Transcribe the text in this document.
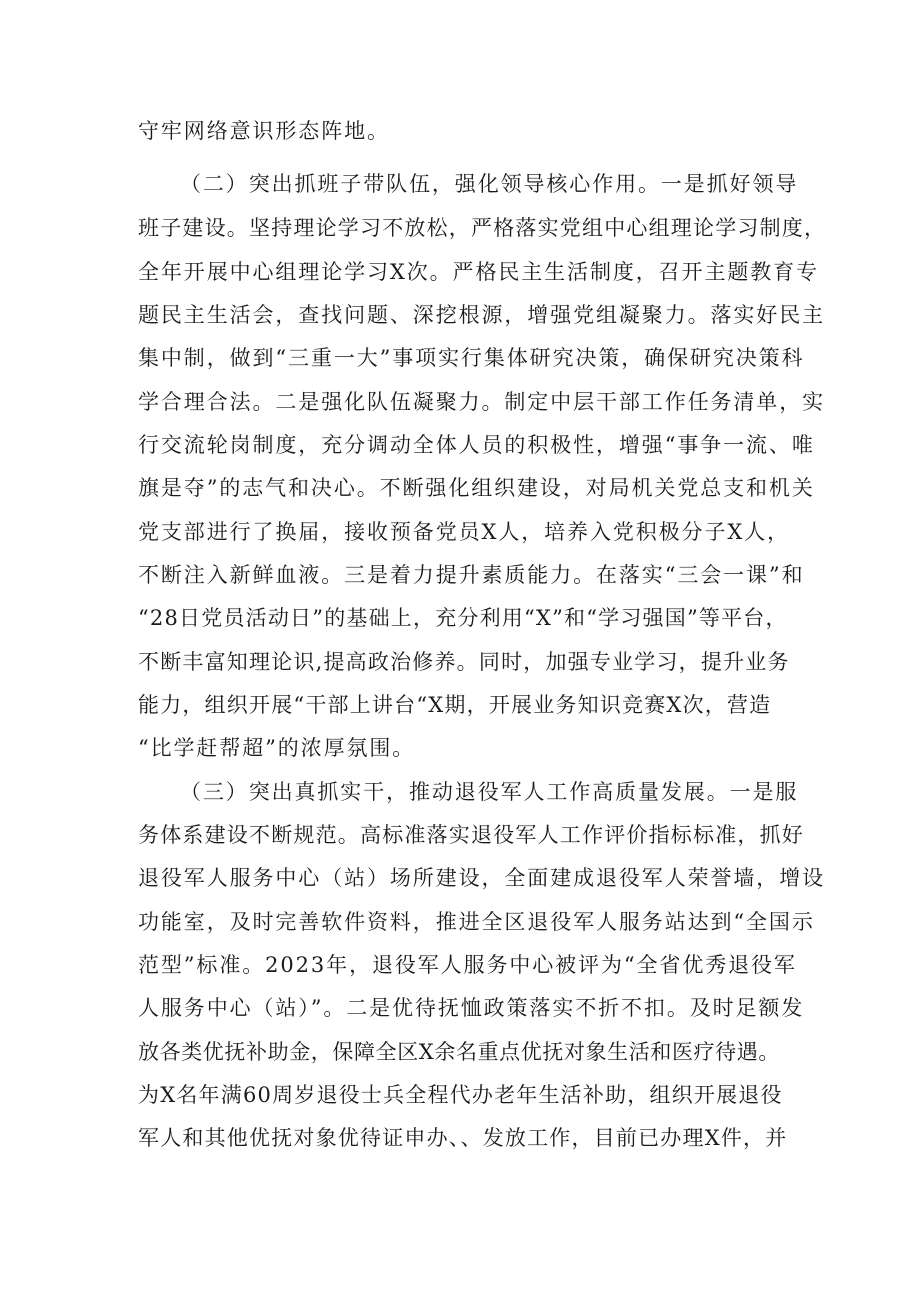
守牢网络意识形态阵地。

（二）突出抓班子带队伍，强化领导核心作用。一是抓好领导

班子建设。坚持理论学习不放松，严格落实党组中心组理论学习制度，

全年开展中心组理论学习X次。严格民主生活制度，召开主题教育专

题民主生活会，查找问题、深挖根源，增强党组凝聚力。落实好民主

集中制，做到“三重一大”事项实行集体研究决策，确保研究决策科

学合理合法。二是强化队伍凝聚力。制定中层干部工作任务清单，实

行交流轮岗制度，充分调动全体人员的积极性，增强“事争一流、唯

旗是夺”的志气和决心。不断强化组织建设，对局机关党总支和机关

党支部进行了换届，接收预备党员X人，培养入党积极分子X人，

不断注入新鲜血液。三是着力提升素质能力。在落实“三会一课”和

“28日党员活动日”的基础上，充分利用“X”和“学习强国”等平台，

不断丰富知理论识,提高政治修养。同时，加强专业学习，提升业务

能力，组织开展“干部上讲台“X期，开展业务知识竞赛X次，营造

“比学赶帮超”的浓厚氛围。

（三）突出真抓实干，推动退役军人工作高质量发展。一是服

务体系建设不断规范。高标准落实退役军人工作评价指标标准，抓好

退役军人服务中心（站）场所建设，全面建成退役军人荣誉墙，增设

功能室，及时完善软件资料，推进全区退役军人服务站达到“全国示

范型”标准。2023年，退役军人服务中心被评为“全省优秀退役军

人服务中心（站）”。二是优待抚恤政策落实不折不扣。及时足额发

放各类优抚补助金，保障全区X余名重点优抚对象生活和医疗待遇。

为X名年满60周岁退役士兵全程代办老年生活补助，组织开展退役

军人和其他优抚对象优待证申办、、发放工作，目前已办理X件，并
